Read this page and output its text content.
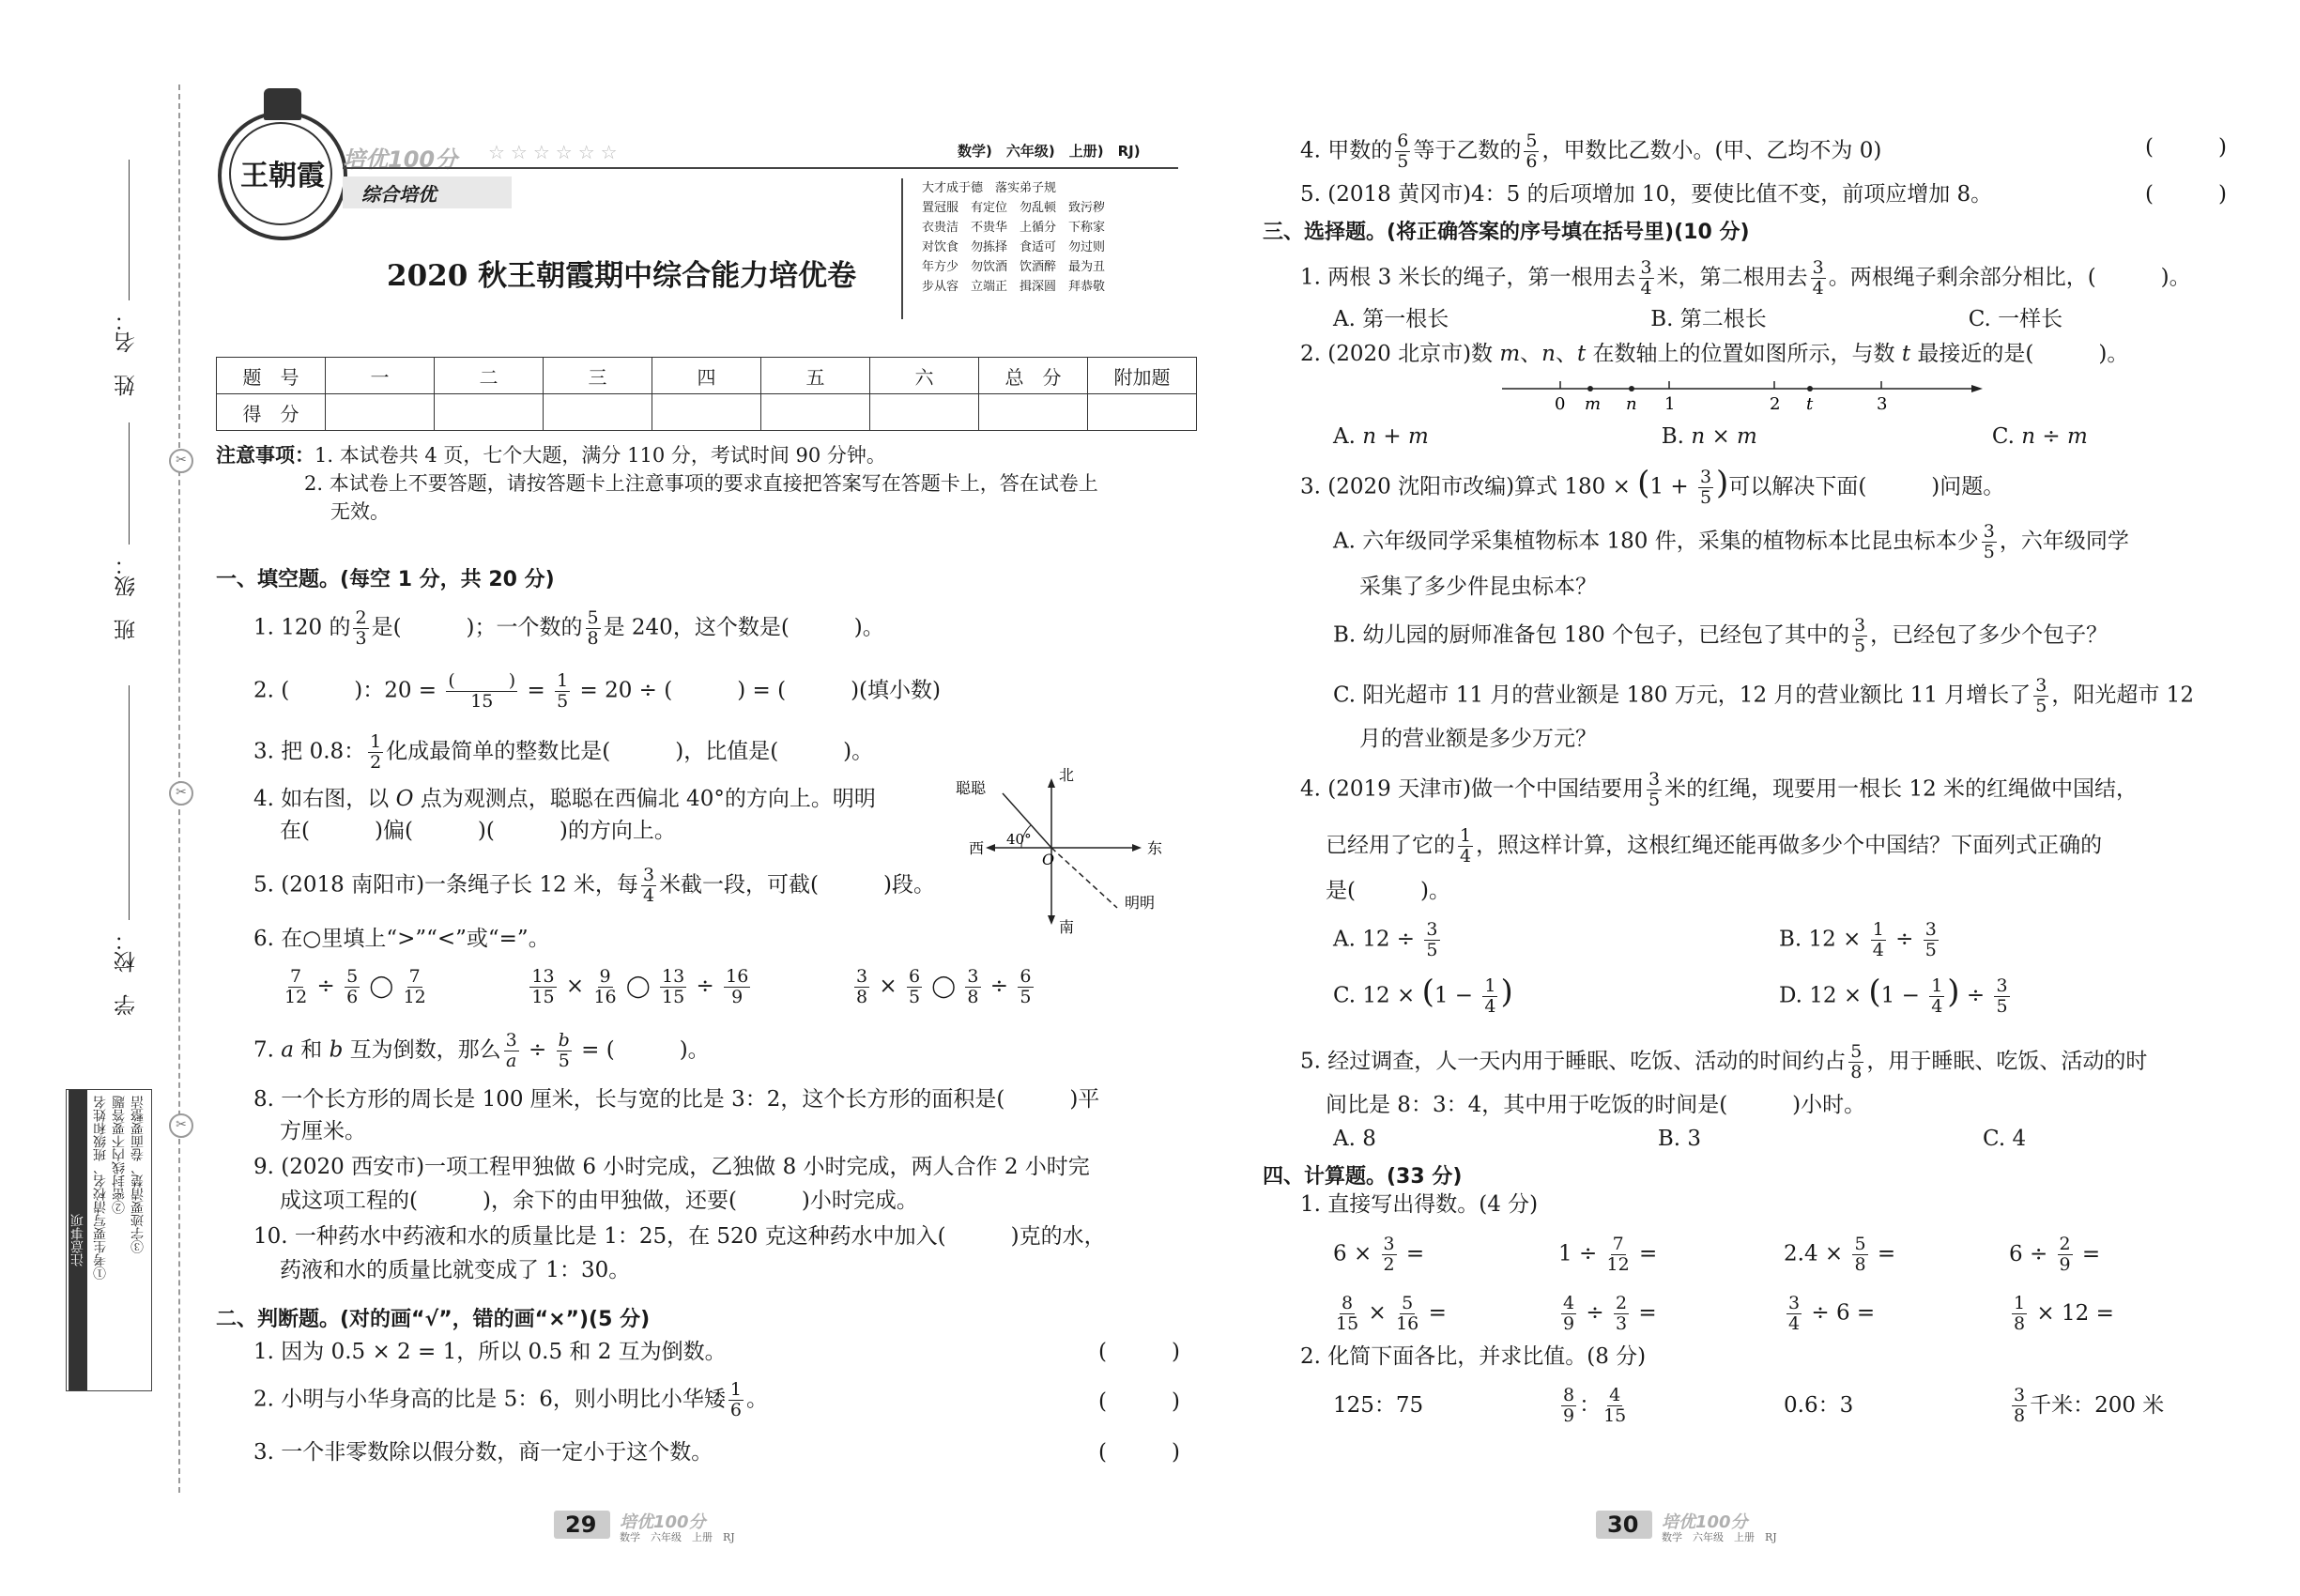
✂
✂
✂
姓　名：
班　级：
学　校：
注意事项 ①考生要写清校名、班级和姓名 ②密封线内不要答题 ③字迹要清楚、卷面要整洁
王朝霞 培优100分 ☆☆☆☆☆☆	数学)　六年级)　上册)　RJ)
综合培优	大才成于德　落实弟子规
置冠服　有定位　勿乱顿　致污秽
衣贵洁　不贵华　上循分　下称家
对饮食　勿拣择　食适可　勿过则
年方少　勿饮酒　饮酒醉　最为丑
步从容　立端正　揖深圆　拜恭敬
2020 秋王朝霞期中综合能力培优卷
题　号	一	二	三	四	五	六	总　分	附加题
得　分								
注意事项：1. 本试卷共 4 页，七个大题，满分 110 分，考试时间 90 分钟。
2. 本试卷上不要答题，请按答题卡上注意事项的要求直接把答案写在答题卡上，答在试卷上
无效。
一、填空题。(每空 1 分，共 20 分)
1. 120 的 $\frac{2}{3}$ 是(　　　)；一个数的 $\frac{5}{8}$ 是 240，这个数是(　　　)。
2. (　　　)：$20 = \frac{( )}{15} = \frac{1}{5} = 20$ ÷ (　　　) = (　　　)(填小数)
3. 把 0.8： $\frac{1}{2}$ 化成最简单的整数比是(　　　)，比值是(　　　)。
4. 如右图，以 O 点为观测点，聪聪在西偏北 40°的方向上。明明
在(　　　)偏(　　　)(　　　)的方向上。
5. (2018 南阳市)一条绳子长 12 米，每 $\frac{3}{4}$ 米截一段，可截(　　　)段。
6. 在○里填上“>”“<”或“=”。
$\frac{7}{12} \div \frac{5}{6}$ ◯ $\frac{7}{12}$
	$\frac{13}{15} \times \frac{9}{16}$ ◯ $\frac{13}{15} \div \frac{16}{9}$
	$\frac{3}{8} \times \frac{6}{5}$ ◯ $\frac{3}{8} \div \frac{6}{5}$
7. a 和 b 互为倒数，那么 $\frac{3}{a} \div \frac{b}{5}$ = (　　　)。
8. 一个长方形的周长是 100 厘米，长与宽的比是 3：2，这个长方形的面积是(　　　)平
方厘米。
9. (2020 西安市)一项工程甲独做 6 小时完成，乙独做 8 小时完成，两人合作 2 小时完
成这项工程的(　　　)，余下的由甲独做，还要(　　　)小时完成。
10. 一种药水中药液和水的质量比是 1：25，在 520 克这种药水中加入(　　　)克的水，
药液和水的质量比就变成了 1：30。
北
南
东
西
O
40°
聪聪
明明
二、判断题。(对的画“√”，错的画“×”)(5 分)
1. 因为 0.5 × 2 = 1，所以 0.5 和 2 互为倒数。	(　　　)
2. 小明与小华身高的比是 5：6，则小明比小华矮 $\frac{1}{6}$ 。	(　　　)
3. 一个非零数除以假分数，商一定小于这个数。	(　　　)
29 培优100分
数学　六年级　上册　RJ
4. 甲数的 $\frac{6}{5}$ 等于乙数的 $\frac{5}{6}$ ，甲数比乙数小。(甲、乙均不为 0)	(　　　)
5. (2018 黄冈市)4：5 的后项增加 10，要使比值不变，前项应增加 8。	(　　　)
三、选择题。(将正确答案的序号填在括号里)(10 分)
1. 两根 3 米长的绳子，第一根用去 $\frac{3}{4}$ 米，第二根用去 $\frac{3}{4}$ 。两根绳子剩余部分相比，(　　　)。
A. 第一根长	B. 第二根长	C. 一样长
2. (2020 北京市)数 m、n、t 在数轴上的位置如图所示，与数 t 最接近的是(　　　)。
0 m n 1	2 t	3
A. n + m	B. n × m	C. n ÷ m
3. (2020 沈阳市改编)算式 $180 \times (1 + \frac{3}{5}$ )可以解决下面(　　　)问题。
A. 六年级同学采集植物标本 180 件，采集的植物标本比昆虫标本少 $\frac{3}{5}$ ，六年级同学
采集了多少件昆虫标本？
B. 幼儿园的厨师准备包 180 个包子，已经包了其中的 $\frac{3}{5}$ ，已经包了多少个包子？
C. 阳光超市 11 月的营业额是 180 万元，12 月的营业额比 11 月增长了 $\frac{3}{5}$ ，阳光超市 12
月的营业额是多少万元？
4. (2019 天津市)做一个中国结要用 $\frac{3}{5}$ 米的红绳，现要用一根长 12 米的红绳做中国结，
已经用了它的 $\frac{1}{4}$ ，照这样计算，这根红绳还能再做多少个中国结？下面列式正确的
是(　　　)。
A. $12 \div \frac{3}{5}$	B. $12 \times \frac{1}{4} \div \frac{3}{5}$
C. $12 \times (1 - \frac{1}{4}$ )	D. $12 \times (1 - \frac{1}{4}$ ) ÷ $\frac{3}{5}$
5. 经过调查，人一天内用于睡眠、吃饭、活动的时间约占 $\frac{5}{8}$ ，用于睡眠、吃饭、活动的时
间比是 8：3：4，其中用于吃饭的时间是(　　　)小时。
A. 8	B. 3	C. 4
四、计算题。(33 分)
1. 直接写出得数。(4 分)
$6 \times \frac{3}{2}$ =	$1 \div \frac{7}{12}$ =	$2.4 \times \frac{5}{8}$ =	$6 \div \frac{2}{9}$ =
$\frac{8}{15} \times \frac{5}{16}$ =	$\frac{4}{9} \div \frac{2}{3}$ =	$\frac{3}{4} \div 6$ =	$\frac{1}{8} \times 12$ =
2. 化简下面各比，并求比值。(8 分)
125：75	$\frac{8}{9}$ ： $\frac{4}{15}$	0.6：3	$\frac{3}{8}$ 千米：200 米
30 培优100分
数学　六年级　上册　RJ
